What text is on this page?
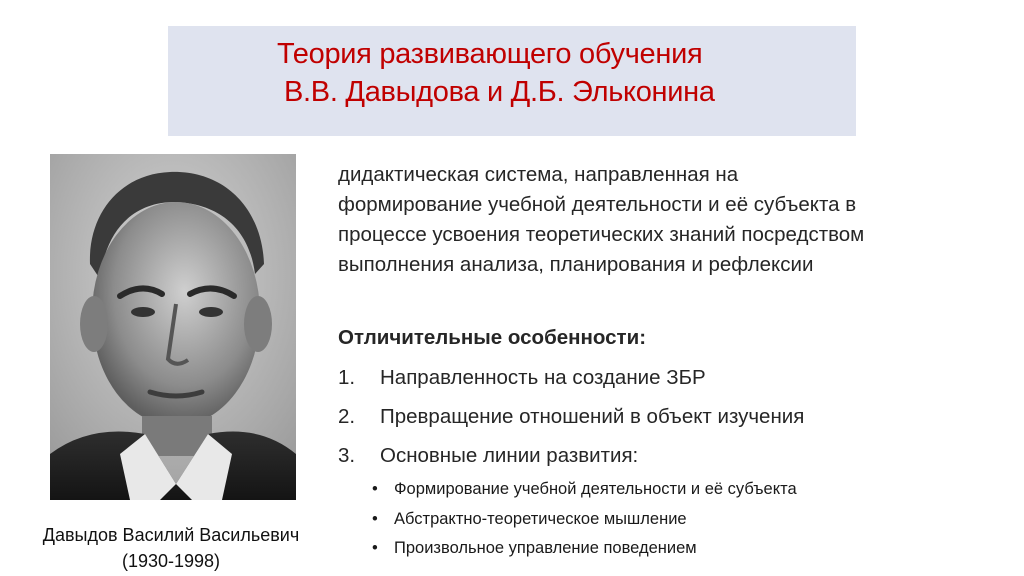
Теория развивающего обучения
В.В. Давыдова и Д.Б. Эльконина
Давыдов Василий Васильевич
(1930-1998)
дидактическая система, направленная на
формирование учебной деятельности и её субъекта в
процессе усвоения теоретических знаний посредством
выполнения анализа, планирования и рефлексии
Отличительные особенности:
1. Направленность на создание ЗБР
2. Превращение отношений в объект изучения
3. Основные линии развития:
• Формирование учебной деятельности и её субъекта
• Абстрактно-теоретическое мышление
• Произвольное управление поведением
